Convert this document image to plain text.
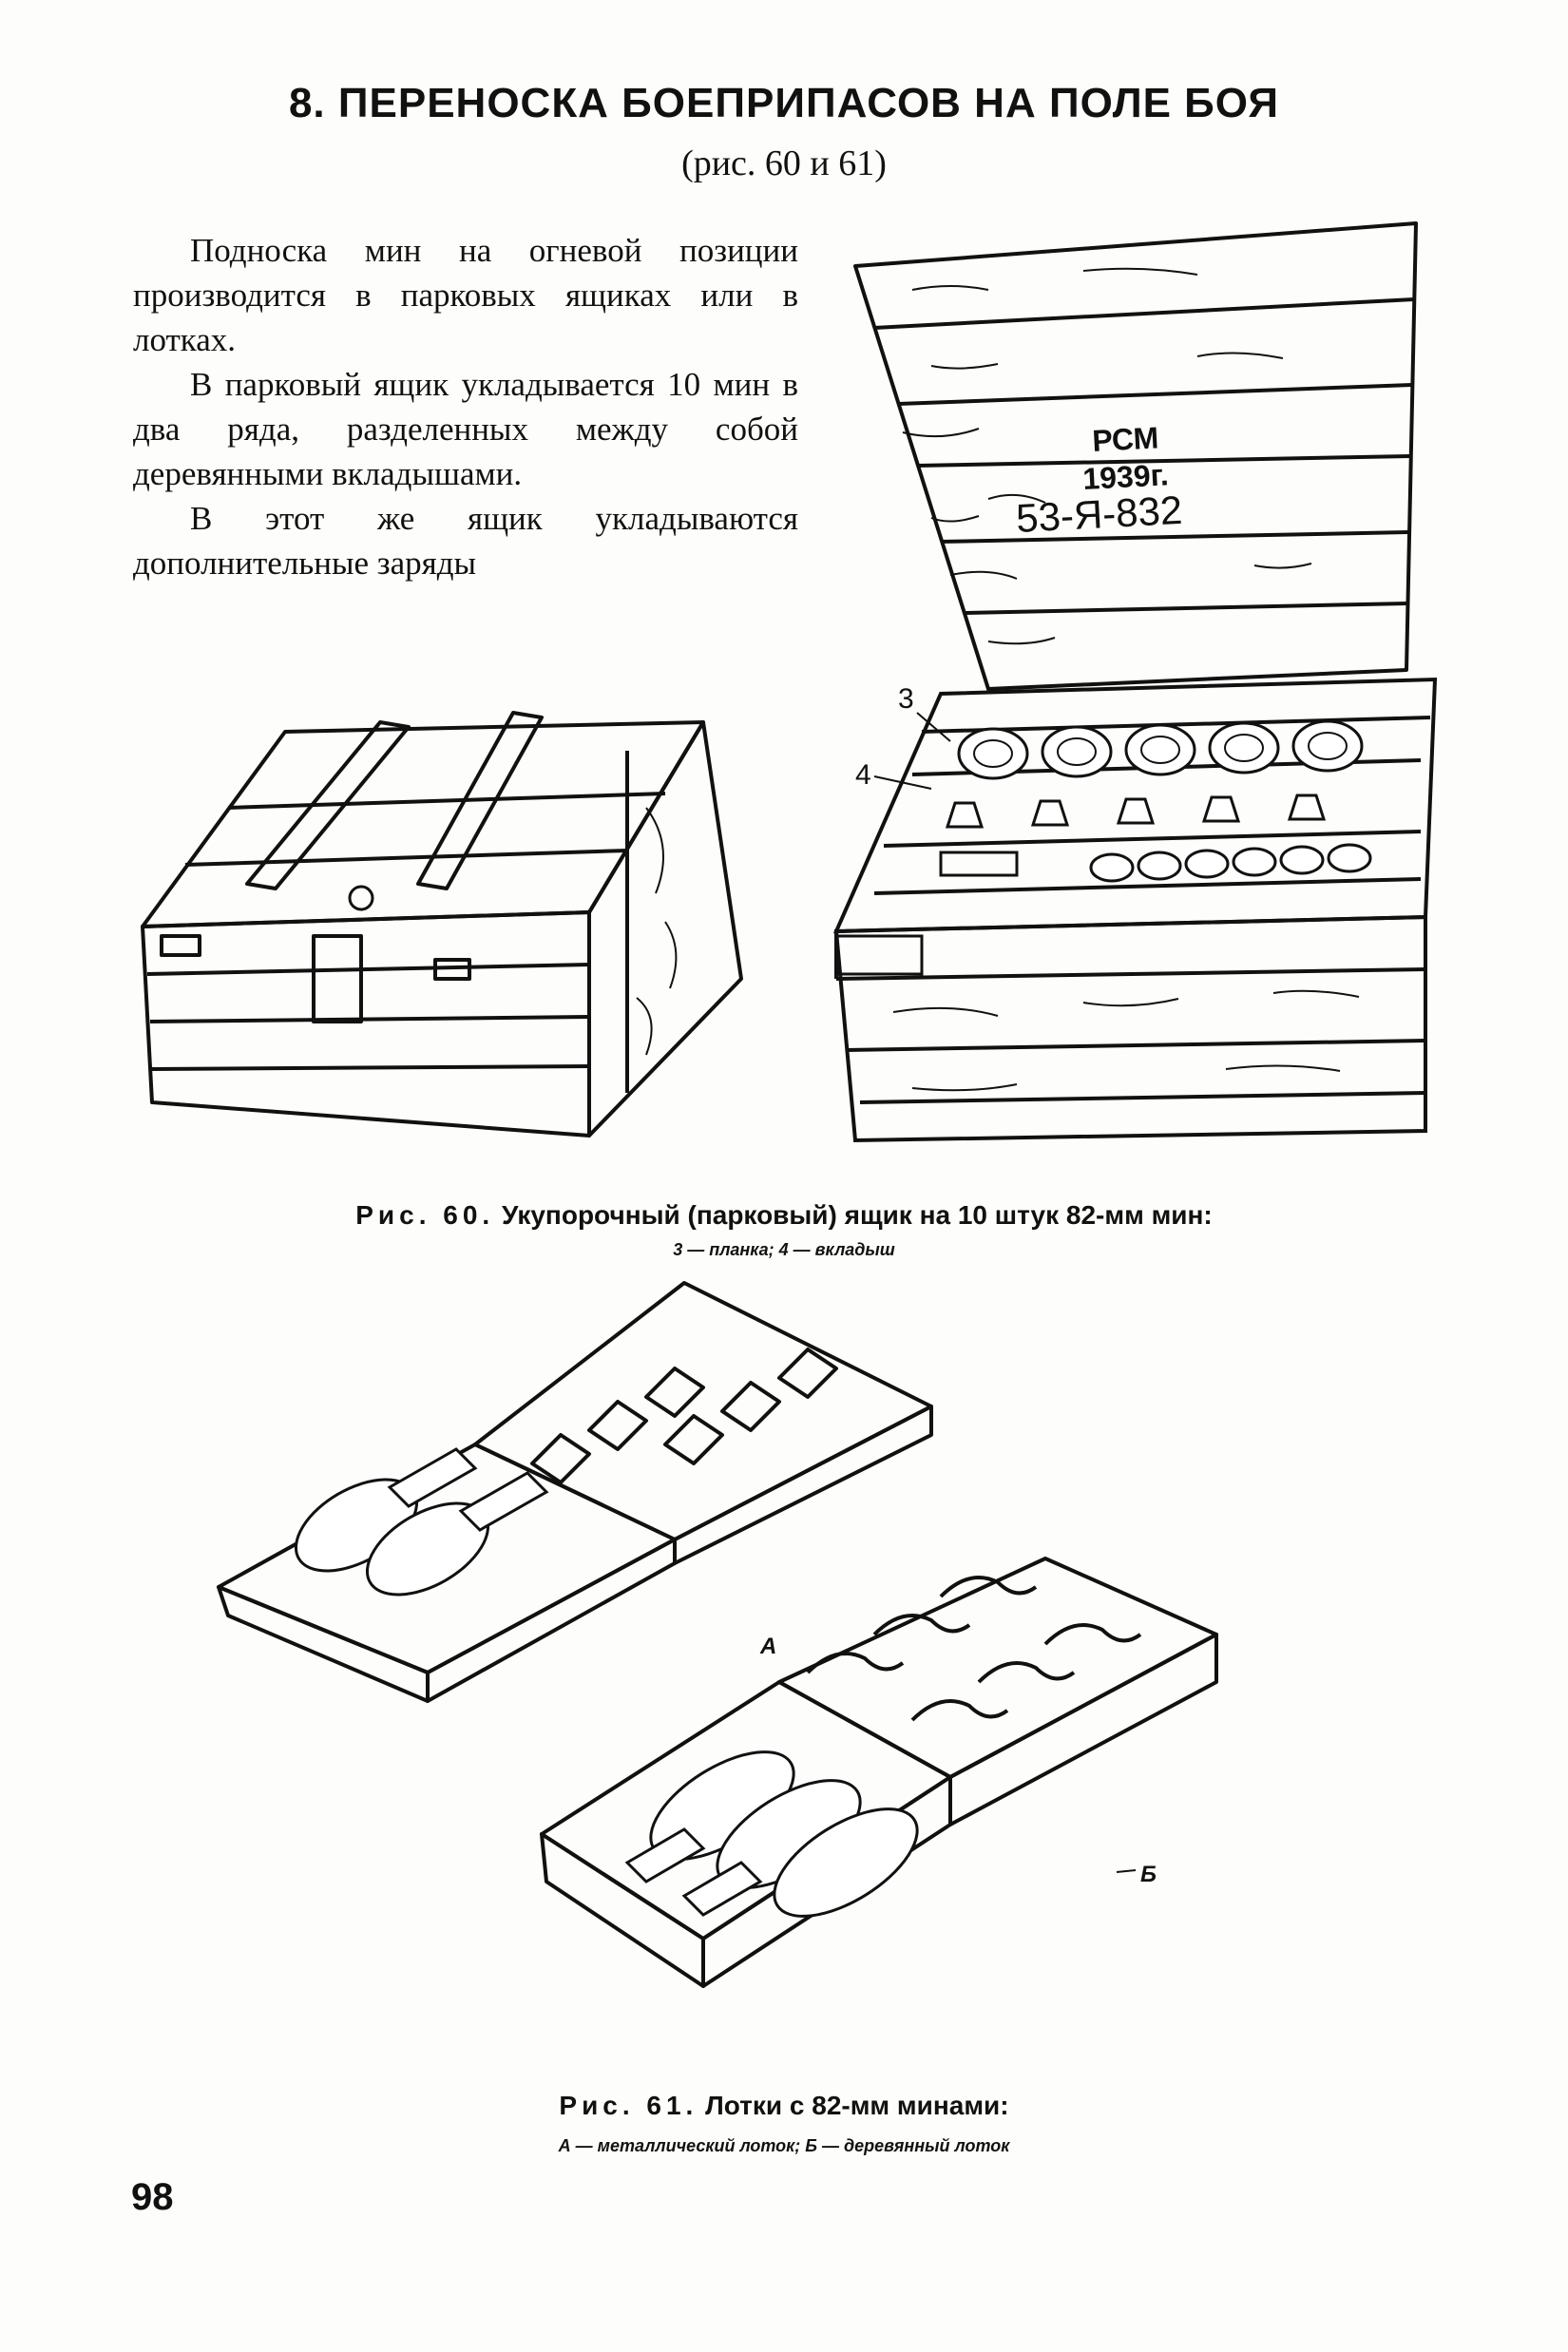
8. ПЕРЕНОСКА БОЕПРИПАСОВ НА ПОЛЕ БОЯ
(рис. 60 и 61)

Подноска мин на огневой позиции производится в парковых ящиках или в лотках.

В парковый ящик укладывается 10 мин в два ряда, разделенных между собой деревянными вкладышами.

В этот же ящик укладываются дополнительные заряды

РСМ
1939г.
53-Я-832
3
4
Рис. 60. Укупорочный (парковый) ящик на 10 штук 82-мм мин:
3 — планка; 4 — вкладыш
А
Б
Рис. 61. Лотки с 82-мм минами:
А — металлический лоток; Б — деревянный лоток
98
